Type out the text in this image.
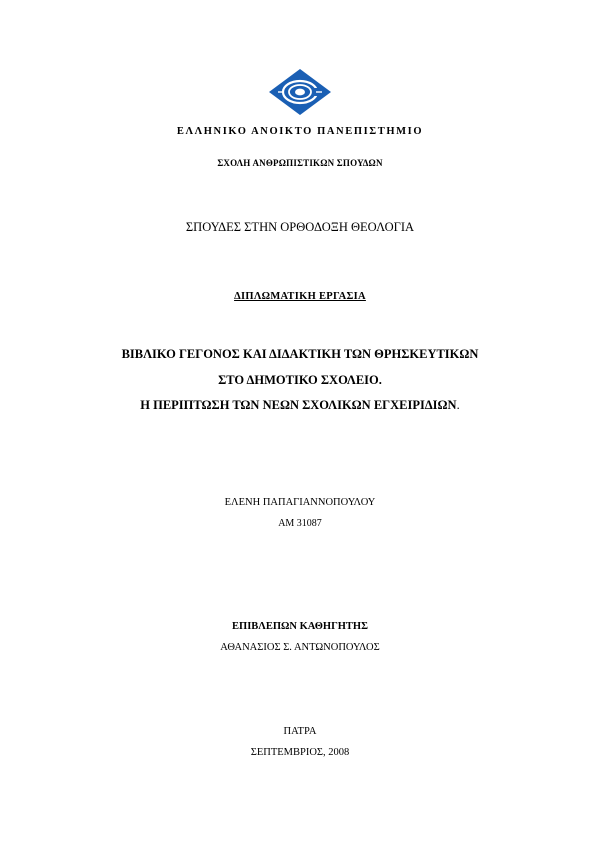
ΕΛΛΗΝΙΚΟ ΑΝΟΙΚΤΟ ΠΑΝΕΠΙΣΤΗΜΙΟ
ΣΧΟΛΗ ΑΝΘΡΩΠΙΣΤΙΚΩΝ ΣΠΟΥΔΩΝ
ΣΠΟΥΔΕΣ ΣΤΗΝ ΟΡΘΟΔΟΞΗ ΘΕΟΛΟΓΙΑ
ΔΙΠΛΩΜΑΤΙΚΗ ΕΡΓΑΣΙΑ
ΒΙΒΛΙΚΟ ΓΕΓΟΝΟΣ ΚΑΙ ΔΙΔΑΚΤΙΚΗ ΤΩΝ ΘΡΗΣΚΕΥΤΙΚΩΝ
ΣΤΟ ΔΗΜΟΤΙΚΟ ΣΧΟΛΕΙΟ.
Η ΠΕΡΙΠΤΩΣΗ ΤΩΝ ΝΕΩΝ ΣΧΟΛΙΚΩΝ ΕΓΧΕΙΡΙΔΙΩΝ.
ΕΛΕΝΗ ΠΑΠΑΓΙΑΝΝΟΠΟΥΛΟΥ
ΑΜ 31087
ΕΠΙΒΛΕΠΩΝ ΚΑΘΗΓΗΤΗΣ
ΑΘΑΝΑΣΙΟΣ Σ. ΑΝΤΩΝΟΠΟΥΛΟΣ
ΠΑΤΡΑ
ΣΕΠΤΕΜΒΡΙΟΣ, 2008
